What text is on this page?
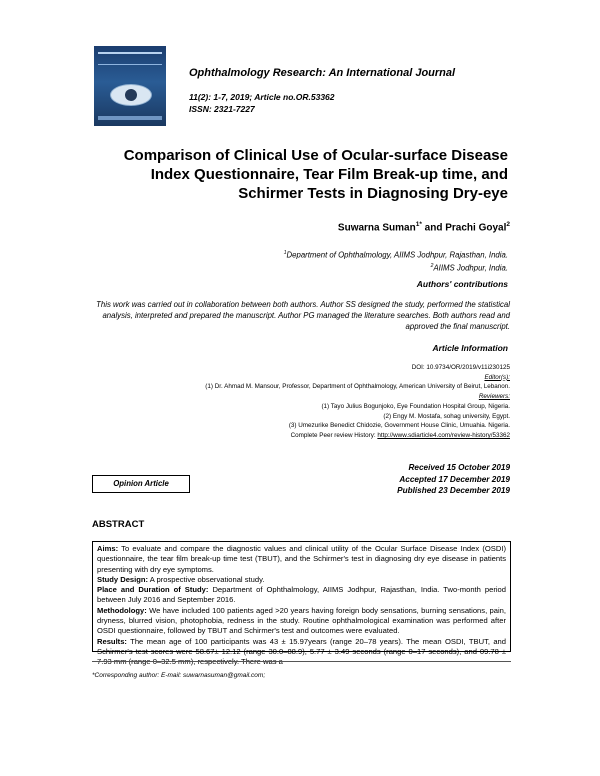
Ophthalmology Research: An International Journal
11(2): 1-7, 2019; Article no.OR.53362
ISSN: 2321-7227
Comparison of Clinical Use of Ocular-surface Disease Index Questionnaire, Tear Film Break-up time, and Schirmer Tests in Diagnosing Dry-eye
Suwarna Suman$^{1*}$ and Prachi Goyal$^2$
$^1$Department of Ophthalmology, AIIMS Jodhpur, Rajasthan, India.
$^2$AIIMS Jodhpur, India.
Authors' contributions
This work was carried out in collaboration between both authors. Author SS designed the study, performed the statistical analysis, interpreted and prepared the manuscript. Author PG managed the literature searches. Both authors read and approved the final manuscript.
Article Information
DOI: 10.9734/OR/2019/v11i230125
Editor(s):
(1) Dr. Ahmad M. Mansour, Professor, Department of Ophthalmology, American University of Beirut, Lebanon.
Reviewers:
(1) Tayo Julius Bogunjoko, Eye Foundation Hospital Group, Nigeria.
(2) Engy M. Mostafa, sohag university, Egypt.
(3) Umezurike Benedict Chidozie, Government House Clinic, Umuahia. Nigeria.
Complete Peer review History: http://www.sdiarticle4.com/review-history/53362
Opinion Article
Received 15 October 2019
Accepted 17 December 2019
Published 23 December 2019
ABSTRACT

Aims: To evaluate and compare the diagnostic values and clinical utility of the Ocular Surface Disease Index (OSDI) questionnaire, the tear film break-up time test (TBUT), and the Schirmer's test in diagnosing dry eye disease in patients presenting with dry eye symptoms.

Study Design: A prospective observational study.

Place and Duration of Study: Department of Ophthalmology, AIIMS Jodhpur, Rajasthan, India. Two-month period between July 2016 and September 2016.

Methodology: We have included 100 patients aged >20 years having foreign body sensations, burning sensations, pain, dryness, blurred vision, photophobia, redness in the study. Routine ophthalmological examination was performed after OSDI questionnaire, followed by TBUT and Schirmer's test and outcomes were evaluated.

Results: The mean age of 100 participants was 43 ± 15.97years (range 20–78 years). The mean OSDI, TBUT, and Schirmer's test scores were 58.67± 12.12 (range 30.0–88.9), 5.77 ± 3.49 seconds (range 0–17 seconds), and 09.78 ± 7.93 mm (range 0–32.5 mm), respectively. There was a

*Corresponding author: E-mail: suwarnasuman@gmail.com;
